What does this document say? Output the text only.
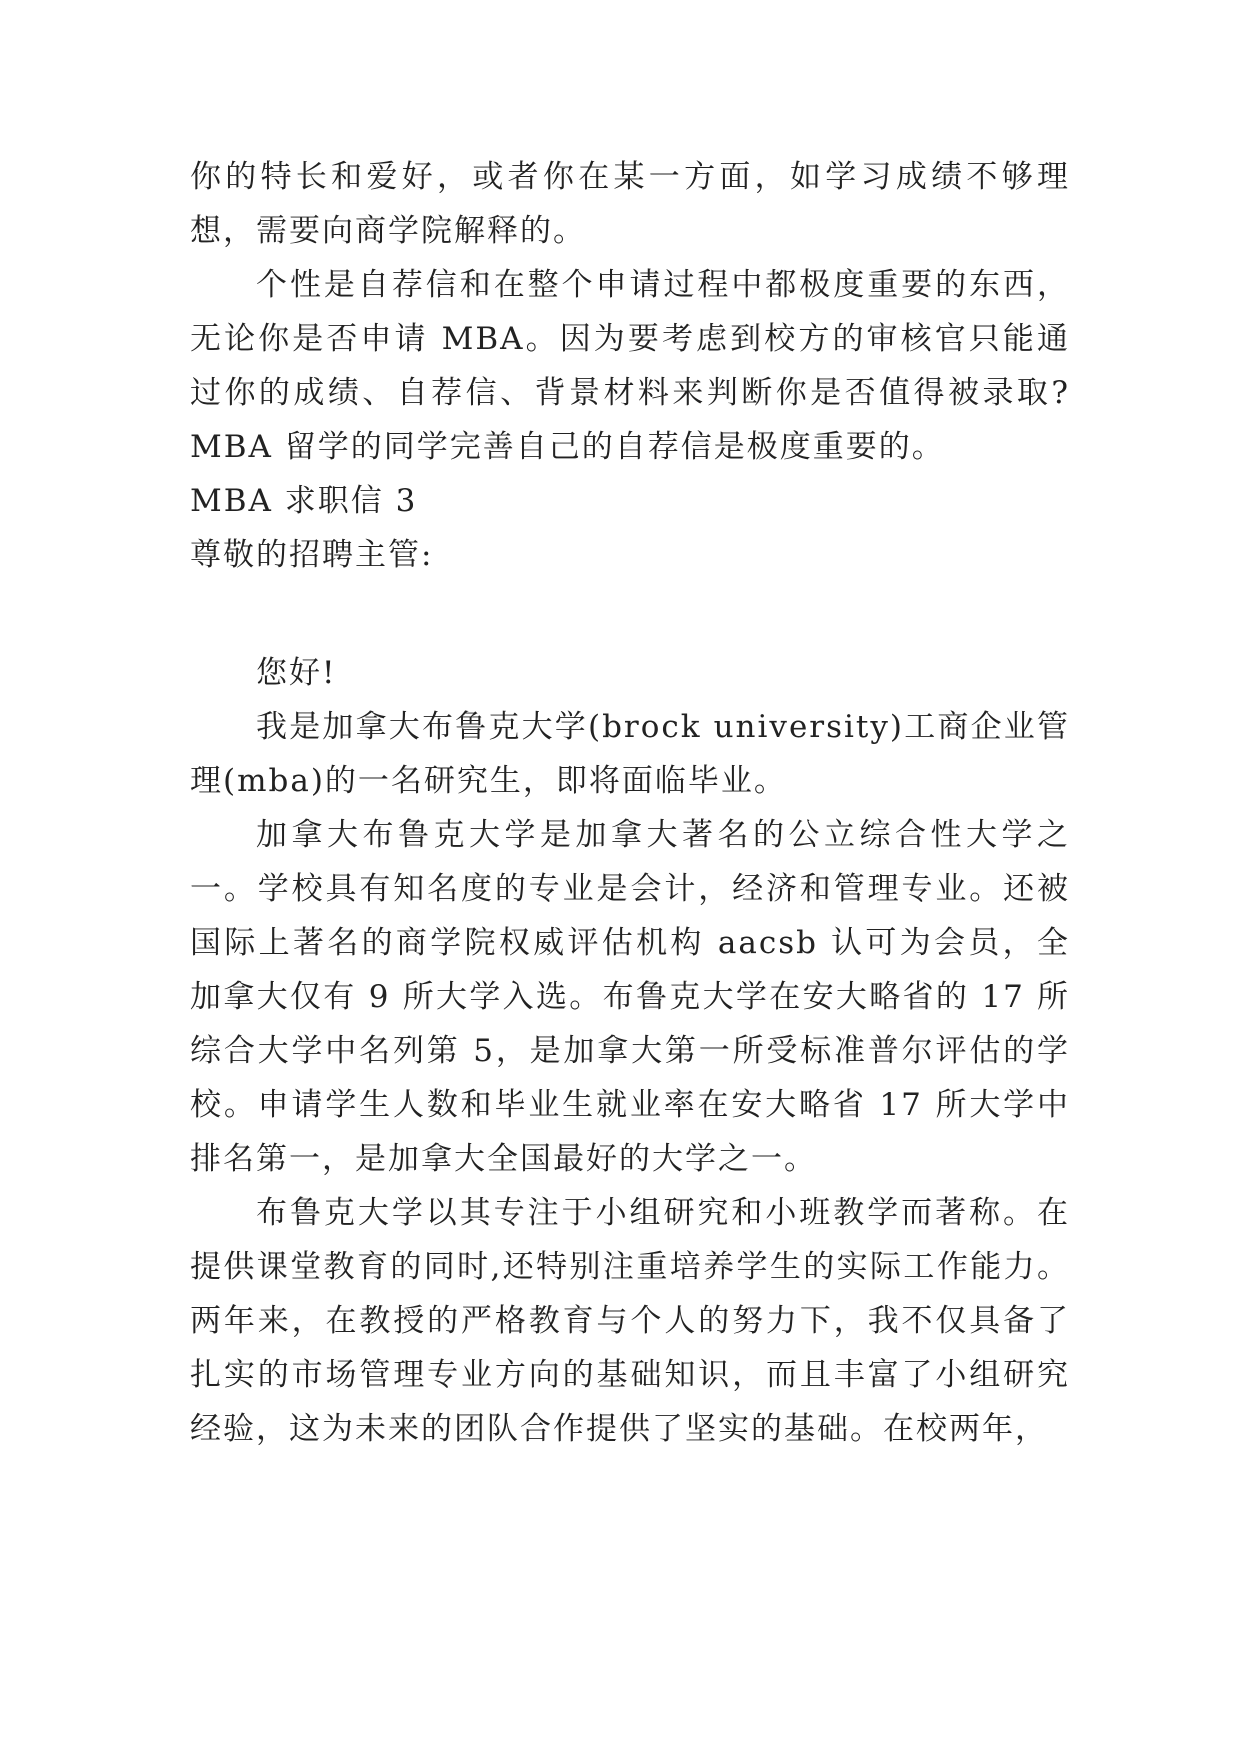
你的特长和爱好，或者你在某一方面，如学习成绩不够理想，需要向商学院解释的。

个性是自荐信和在整个申请过程中都极度重要的东西，无论你是否申请 MBA。因为要考虑到校方的审核官只能通过你的成绩、自荐信、背景材料来判断你是否值得被录取?MBA 留学的同学完善自己的自荐信是极度重要的。

MBA 求职信 3

尊敬的招聘主管:

您好!

我是加拿大布鲁克大学(brock university)工商企业管理(mba)的一名研究生，即将面临毕业。

加拿大布鲁克大学是加拿大著名的公立综合性大学之一。学校具有知名度的专业是会计，经济和管理专业。还被国际上著名的商学院权威评估机构 aacsb 认可为会员，全加拿大仅有 9 所大学入选。布鲁克大学在安大略省的 17 所综合大学中名列第 5，是加拿大第一所受标准普尔评估的学校。申请学生人数和毕业生就业率在安大略省 17 所大学中排名第一，是加拿大全国最好的大学之一。

布鲁克大学以其专注于小组研究和小班教学而著称。在提供课堂教育的同时,还特别注重培养学生的实际工作能力。两年来，在教授的严格教育与个人的努力下，我不仅具备了扎实的市场管理专业方向的基础知识，而且丰富了小组研究经验，这为未来的团队合作提供了坚实的基础。在校两年，
